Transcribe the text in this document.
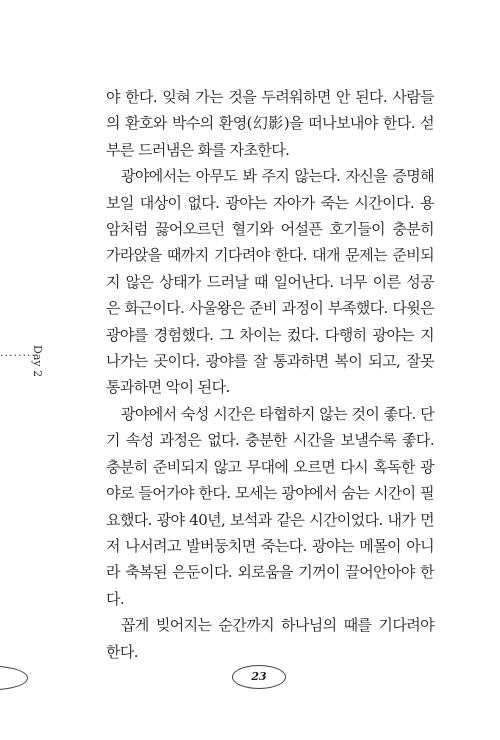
········
Day 2

야 한다. 잊혀 가는 것을 두려워하면 안 된다. 사람들의 환호와 박수의 환영(幻影)을 떠나보내야 한다. 섣부른 드러냄은 화를 자초한다.

광야에서는 아무도 봐 주지 않는다. 자신을 증명해 보일 대상이 없다. 광야는 자아가 죽는 시간이다. 용암처럼 끓어오르던 혈기와 어설픈 호기들이 충분히 가라앉을 때까지 기다려야 한다. 대개 문제는 준비되지 않은 상태가 드러날 때 일어난다. 너무 이른 성공은 화근이다. 사울왕은 준비 과정이 부족했다. 다윗은 광야를 경험했다. 그 차이는 컸다. 다행히 광야는 지나가는 곳이다. 광야를 잘 통과하면 복이 되고, 잘못 통과하면 악이 된다.

광야에서 숙성 시간은 타협하지 않는 것이 좋다. 단기 속성 과정은 없다. 충분한 시간을 보낼수록 좋다. 충분히 준비되지 않고 무대에 오르면 다시 혹독한 광야로 들어가야 한다. 모세는 광야에서 숨는 시간이 필요했다. 광야 40년, 보석과 같은 시간이었다. 내가 먼저 나서려고 발버둥치면 죽는다. 광야는 메몰이 아니라 축복된 은둔이다. 외로움을 기꺼이 끌어안아야 한다.

꼽게 빚어지는 순간까지 하나님의 때를 기다려야 한다.

23
